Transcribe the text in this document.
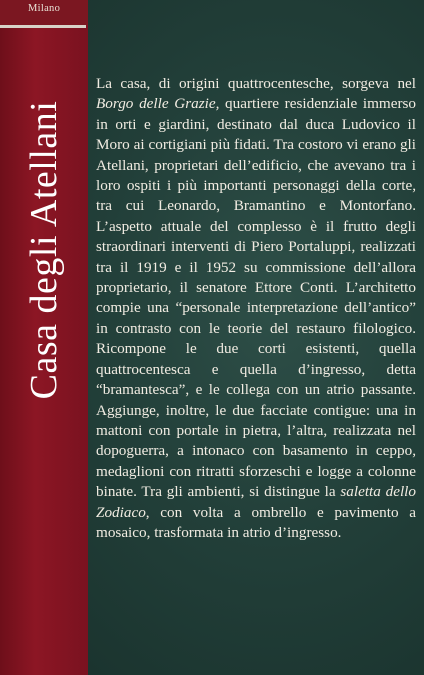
Milano
Casa degli Atellani

La casa, di origini quattrocentesche, sorgeva nel Borgo delle Grazie, quartiere residenziale immerso in orti e giardini, destinato dal duca Ludovico il Moro ai cortigiani più fidati. Tra costoro vi erano gli Atellani, proprietari dell’edificio, che avevano tra i loro ospiti i più importanti personaggi della corte, tra cui Leonardo, Bramantino e Montorfano. L’aspetto attuale del complesso è il frutto degli straordinari interventi di Piero Portaluppi, realizzati tra il 1919 e il 1952 su commissione dell’allora proprietario, il senatore Ettore Conti. L’architetto compie una “personale interpretazione dell’antico” in contrasto con le teorie del restauro filologico. Ricompone le due corti esistenti, quella quattrocentesca e quella d’ingresso, detta “bramantesca”, e le collega con un atrio passante. Aggiunge, inoltre, le due facciate contigue: una in mattoni con portale in pietra, l’altra, realizzata nel dopoguerra, a intonaco con basamento in ceppo, medaglioni con ritratti sforzeschi e logge a colonne binate. Tra gli ambienti, si distingue la saletta dello Zodiaco, con volta a ombrello e pavimento a mosaico, trasformata in atrio d’ingresso.
